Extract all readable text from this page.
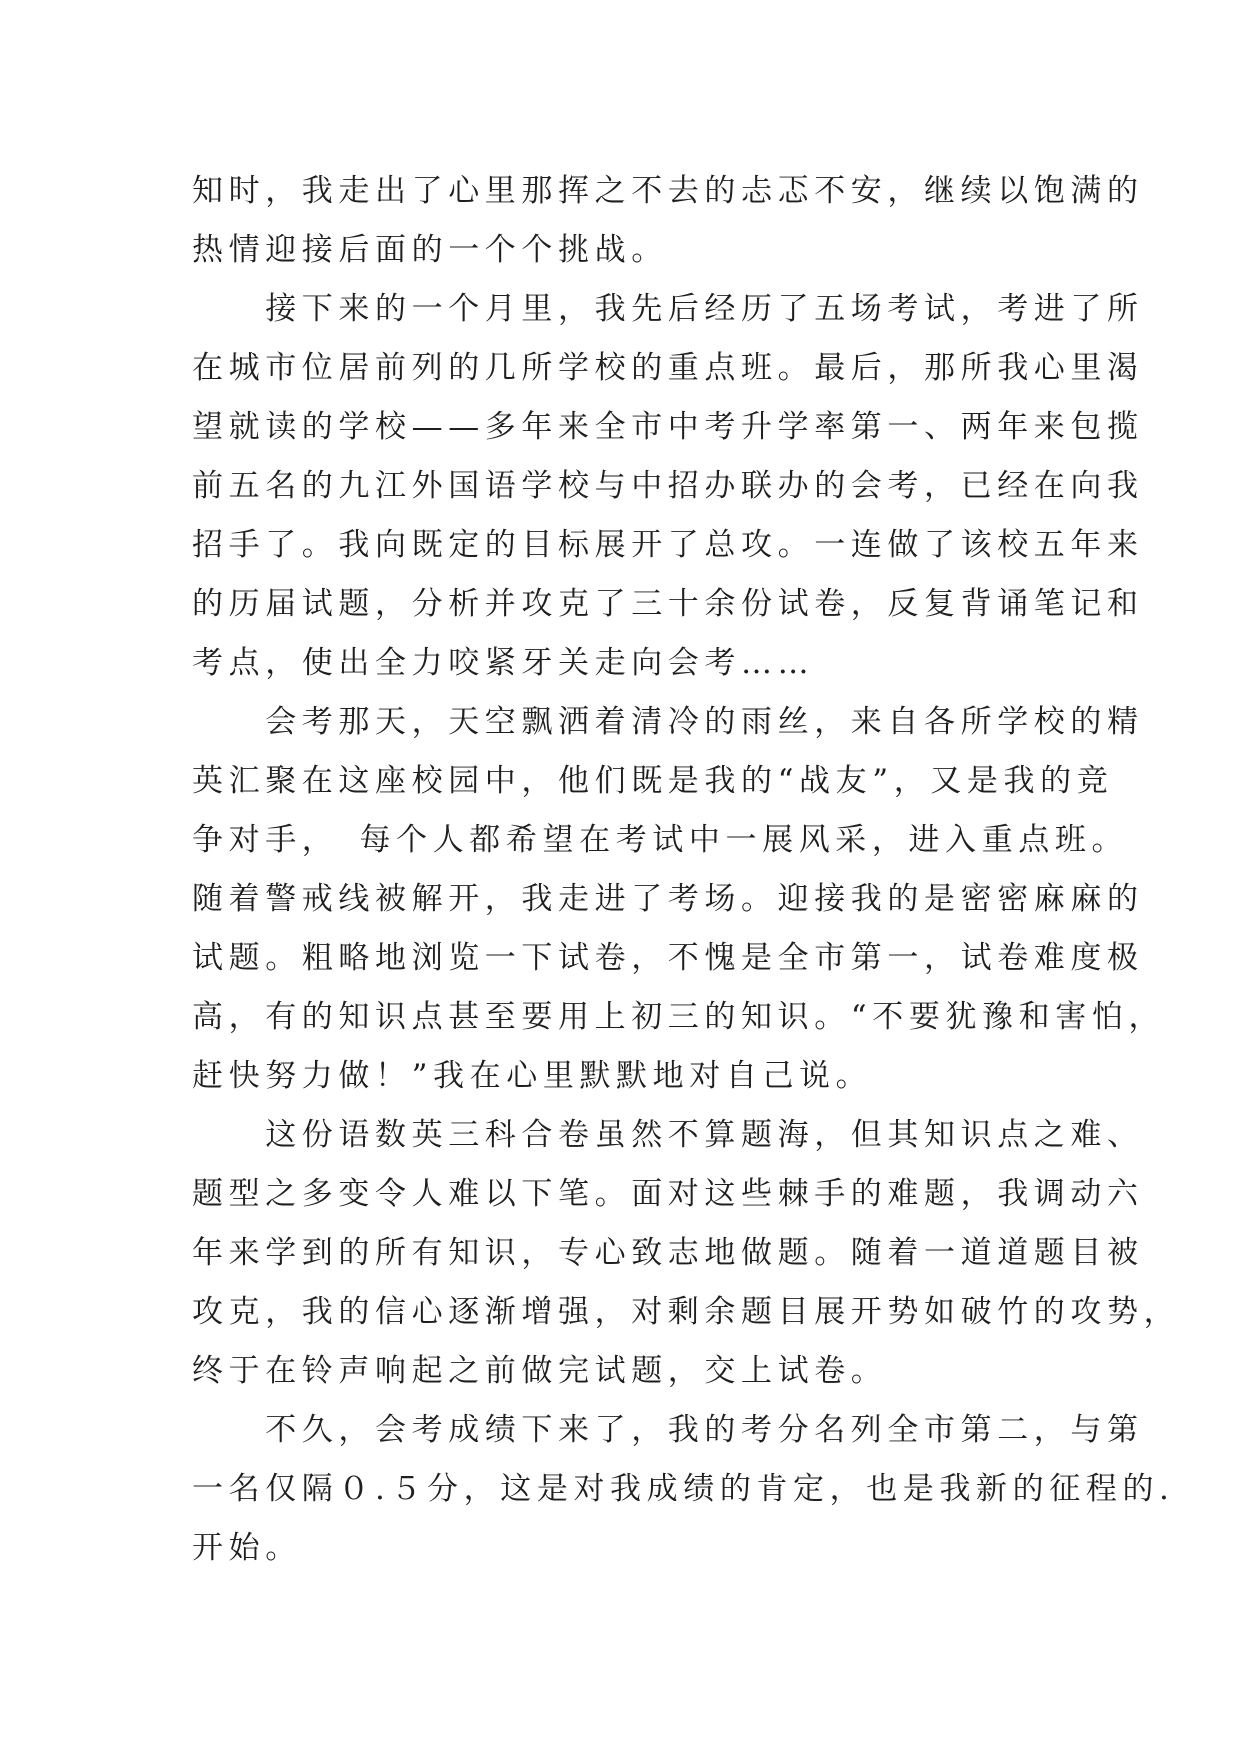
知时，我走出了心里那挥之不去的忐忑不安，继续以饱满的
热情迎接后面的一个个挑战。
　　接下来的一个月里，我先后经历了五场考试，考进了所
在城市位居前列的几所学校的重点班。最后，那所我心里渴
望就读的学校——多年来全市中考升学率第一、两年来包揽
前五名的九江外国语学校与中招办联办的会考，已经在向我
招手了。我向既定的目标展开了总攻。一连做了该校五年来
的历届试题，分析并攻克了三十余份试卷，反复背诵笔记和
考点，使出全力咬紧牙关走向会考……
　　会考那天，天空飘洒着清冷的雨丝，来自各所学校的精
英汇聚在这座校园中，他们既是我的“战友”，又是我的竞
争对手，　每个人都希望在考试中一展风采，进入重点班。
随着警戒线被解开，我走进了考场。迎接我的是密密麻麻的
试题。粗略地浏览一下试卷，不愧是全市第一，试卷难度极
高，有的知识点甚至要用上初三的知识。“不要犹豫和害怕，
赶快努力做！”我在心里默默地对自己说。
　　这份语数英三科合卷虽然不算题海，但其知识点之难、
题型之多变令人难以下笔。面对这些棘手的难题，我调动六
年来学到的所有知识，专心致志地做题。随着一道道题目被
攻克，我的信心逐渐增强，对剩余题目展开势如破竹的攻势，
终于在铃声响起之前做完试题，交上试卷。
　　不久，会考成绩下来了，我的考分名列全市第二，与第
一名仅隔０.５分，这是对我成绩的肯定，也是我新的征程的.
开始。
